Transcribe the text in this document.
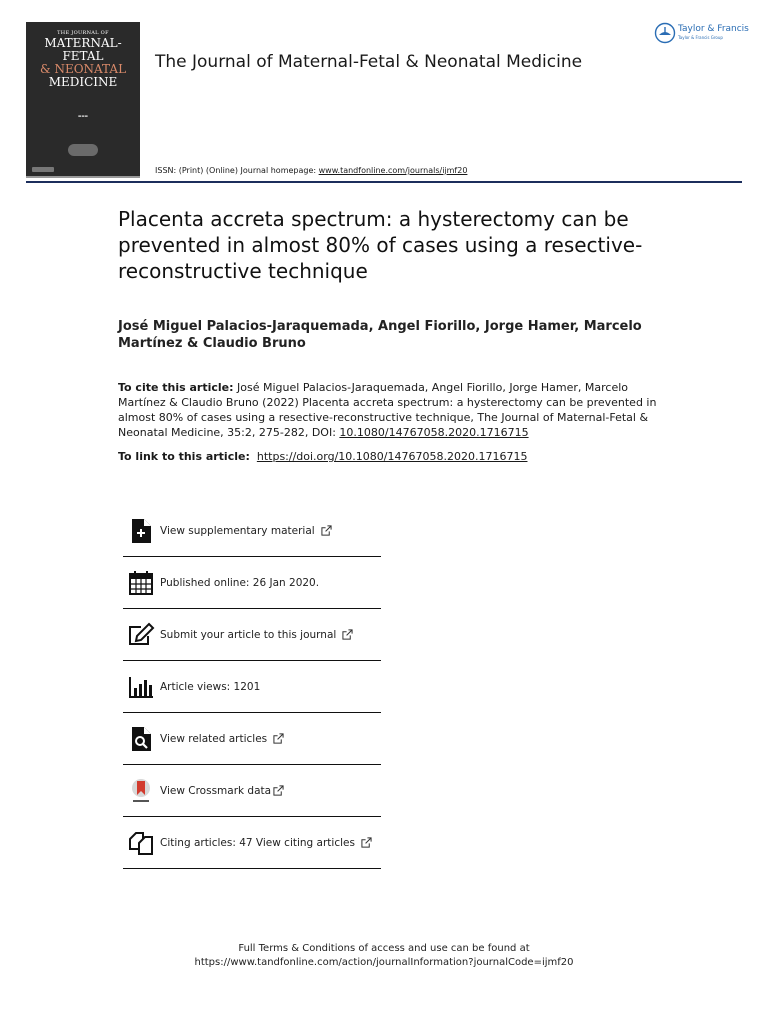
THE JOURNAL OF
MATERNAL-FETAL
& NEONATAL
MEDICINE
▬▬▬
The Journal of Maternal-Fetal & Neonatal Medicine
Taylor & Francis
Taylor & Francis Group
ISSN: (Print) (Online) Journal homepage: www.tandfonline.com/journals/ijmf20
Placenta accreta spectrum: a hysterectomy can be prevented in almost 80% of cases using a resective-reconstructive technique
José Miguel Palacios-Jaraquemada, Angel Fiorillo, Jorge Hamer, Marcelo Martínez & Claudio Bruno
To cite this article: José Miguel Palacios-Jaraquemada, Angel Fiorillo, Jorge Hamer, Marcelo Martínez & Claudio Bruno (2022) Placenta accreta spectrum: a hysterectomy can be prevented in almost 80% of cases using a resective-reconstructive technique, The Journal of Maternal-Fetal & Neonatal Medicine, 35:2, 275-282, DOI: 10.1080/14767058.2020.1716715
To link to this article: https://doi.org/10.1080/14767058.2020.1716715
View supplementary material
Published online: 26 Jan 2020.
Submit your article to this journal
Article views: 1201
View related articles
View Crossmark data
Citing articles: 47 View citing articles
Full Terms & Conditions of access and use can be found at
https://www.tandfonline.com/action/journalInformation?journalCode=ijmf20
